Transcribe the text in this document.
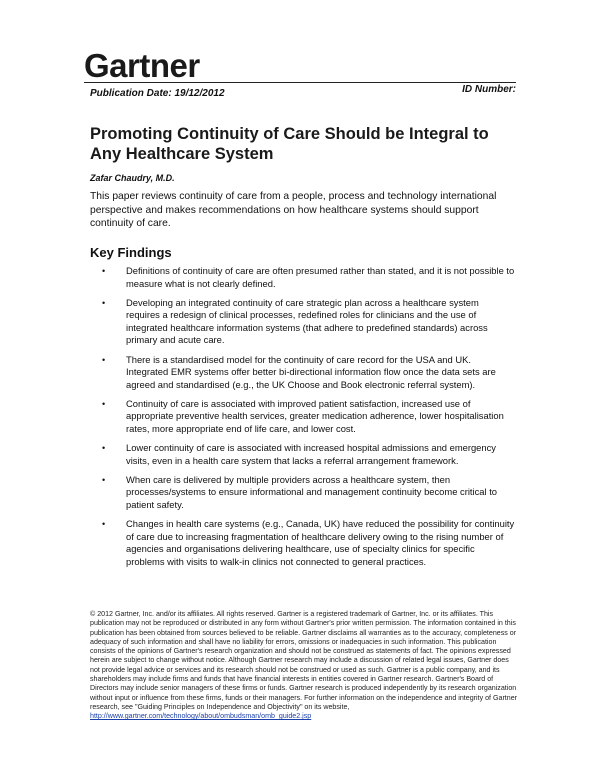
Gartner
Publication Date: 19/12/2012	ID Number:
Promoting Continuity of Care Should be Integral to Any Healthcare System
Zafar Chaudry, M.D.
This paper reviews continuity of care from a people, process and technology international perspective and makes recommendations on how healthcare systems should support continuity of care.
Key Findings
• Definitions of continuity of care are often presumed rather than stated, and it is not possible to measure what is not clearly defined.
• Developing an integrated continuity of care strategic plan across a healthcare system requires a redesign of clinical processes, redefined roles for clinicians and the use of integrated healthcare information systems (that adhere to predefined standards) across primary and acute care.
• There is a standardised model for the continuity of care record for the USA and UK. Integrated EMR systems offer better bi-directional information flow once the data sets are agreed and standardised (e.g., the UK Choose and Book electronic referral system).
• Continuity of care is associated with improved patient satisfaction, increased use of appropriate preventive health services, greater medication adherence, lower hospitalisation rates, more appropriate end of life care, and lower cost.
• Lower continuity of care is associated with increased hospital admissions and emergency visits, even in a health care system that lacks a referral arrangement framework.
• When care is delivered by multiple providers across a healthcare system, then processes/systems to ensure informational and management continuity become critical to patient safety.
• Changes in health care systems (e.g., Canada, UK) have reduced the possibility for continuity of care due to increasing fragmentation of healthcare delivery owing to the rising number of agencies and organisations delivering healthcare, use of specialty clinics for specific problems with visits to walk-in clinics not connected to general practices.
© 2012 Gartner, Inc. and/or its affiliates. All rights reserved. Gartner is a registered trademark of Gartner, Inc. or its affiliates. This publication may not be reproduced or distributed in any form without Gartner's prior written permission. The information contained in this publication has been obtained from sources believed to be reliable. Gartner disclaims all warranties as to the accuracy, completeness or adequacy of such information and shall have no liability for errors, omissions or inadequacies in such information. This publication consists of the opinions of Gartner's research organization and should not be construed as statements of fact. The opinions expressed herein are subject to change without notice. Although Gartner research may include a discussion of related legal issues, Gartner does not provide legal advice or services and its research should not be construed or used as such. Gartner is a public company, and its shareholders may include firms and funds that have financial interests in entities covered in Gartner research. Gartner's Board of Directors may include senior managers of these firms or funds. Gartner research is produced independently by its research organization without input or influence from these firms, funds or their managers. For further information on the independence and integrity of Gartner research, see "Guiding Principles on Independence and Objectivity" on its website, http://www.gartner.com/technology/about/ombudsman/omb_guide2.jsp
